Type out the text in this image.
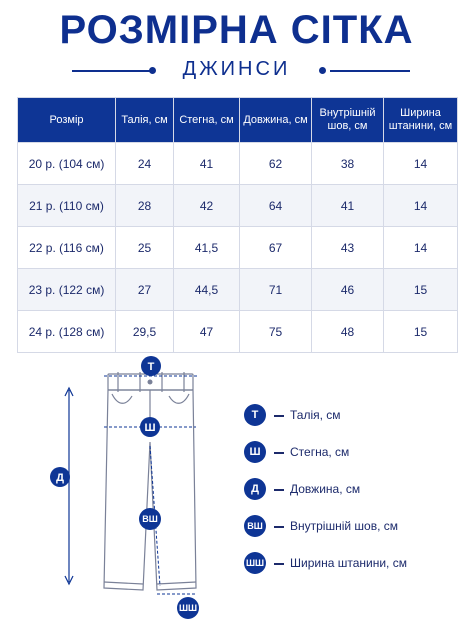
РОЗМІРНА СІТКА
ДЖИНСИ
Розмір	Талія, см	Стегна, см	Довжина, см	Внутрішній шов, см	Ширина штанини, см
20 р. (104 см)	24	41	62	38	14
21 р. (110 см)	28	42	64	41	14
22 р. (116 см)	25	41,5	67	43	14
23 р. (122 см)	27	44,5	71	46	15
24 р. (128 см)	29,5	47	75	48	15
Т
Ш
Д
ВШ
ШШ
Т	Талія, см
Ш	Стегна, см
Д	Довжина, см
ВШ Внутрішній шов, см
ШШ Ширина штанини, см
